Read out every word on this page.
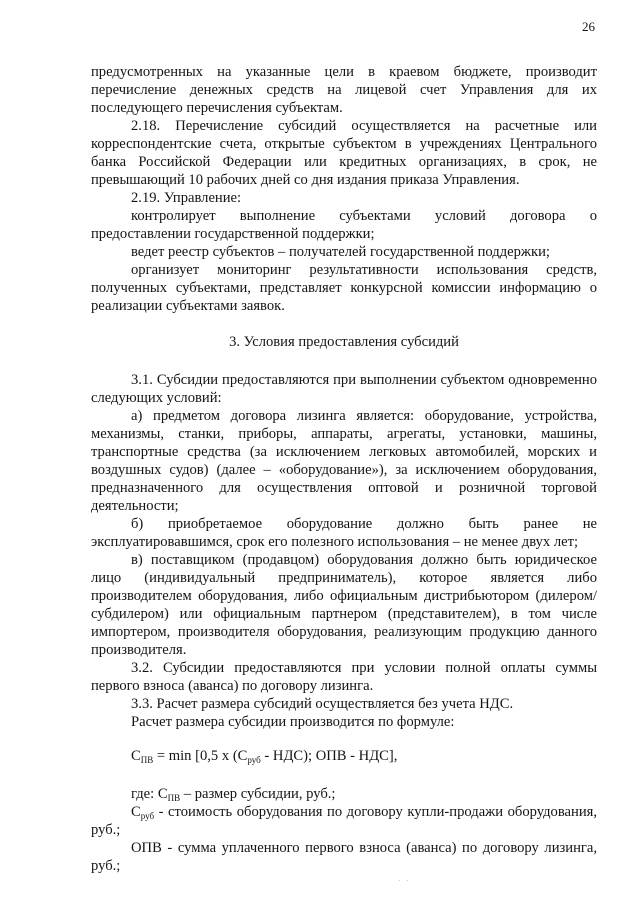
26

предусмотренных на указанные цели в краевом бюджете, производит перечисление денежных средств на лицевой счет Управления для их последующего перечисления субъектам.

2.18. Перечисление субсидий осуществляется на расчетные или корреспондентские счета, открытые субъектом в учреждениях Центрального банка Российской Федерации или кредитных организациях, в срок, не превышающий 10 рабочих дней со дня издания приказа Управления.

2.19. Управление:

контролирует выполнение субъектами условий договора о предоставлении государственной поддержки;

ведет реестр субъектов – получателей государственной поддержки;

организует мониторинг результативности использования средств, полученных субъектами, представляет конкурсной комиссии информацию о реализации субъектами заявок.

3. Условия предоставления субсидий

3.1. Субсидии предоставляются при выполнении субъектом одновременно следующих условий:

а) предметом договора лизинга является: оборудование, устройства, механизмы, станки, приборы, аппараты, агрегаты, установки, машины, транспортные средства (за исключением легковых автомобилей, морских и воздушных судов) (далее – «оборудование»), за исключением оборудования, предназначенного для осуществления оптовой и розничной торговой деятельности;

б) приобретаемое оборудование должно быть ранее не эксплуатировавшимся, срок его полезного использования – не менее двух лет;

в) поставщиком (продавцом) оборудования должно быть юридическое лицо (индивидуальный предприниматель), которое является либо производителем оборудования, либо официальным дистрибьютором (дилером/субдилером) или официальным партнером (представителем), в том числе импортером, производителя оборудования, реализующим продукцию данного производителя.

3.2. Субсидии предоставляются при условии полной оплаты суммы первого взноса (аванса) по договору лизинга.

3.3. Расчет размера субсидий осуществляется без учета НДС.

Расчет размера субсидии производится по формуле:

$С_{ПВ} = \min [0,5$ х $(С_{руб} - НДС)$; ОПВ - НДС],

где: $С_{ПВ}$ – размер субсидии, руб.;

$С_{руб}$ - стоимость оборудования по договору купли-продажи оборудования, руб.;

ОПВ - сумма уплаченного первого взноса (аванса) по договору лизинга, руб.;

· ·
